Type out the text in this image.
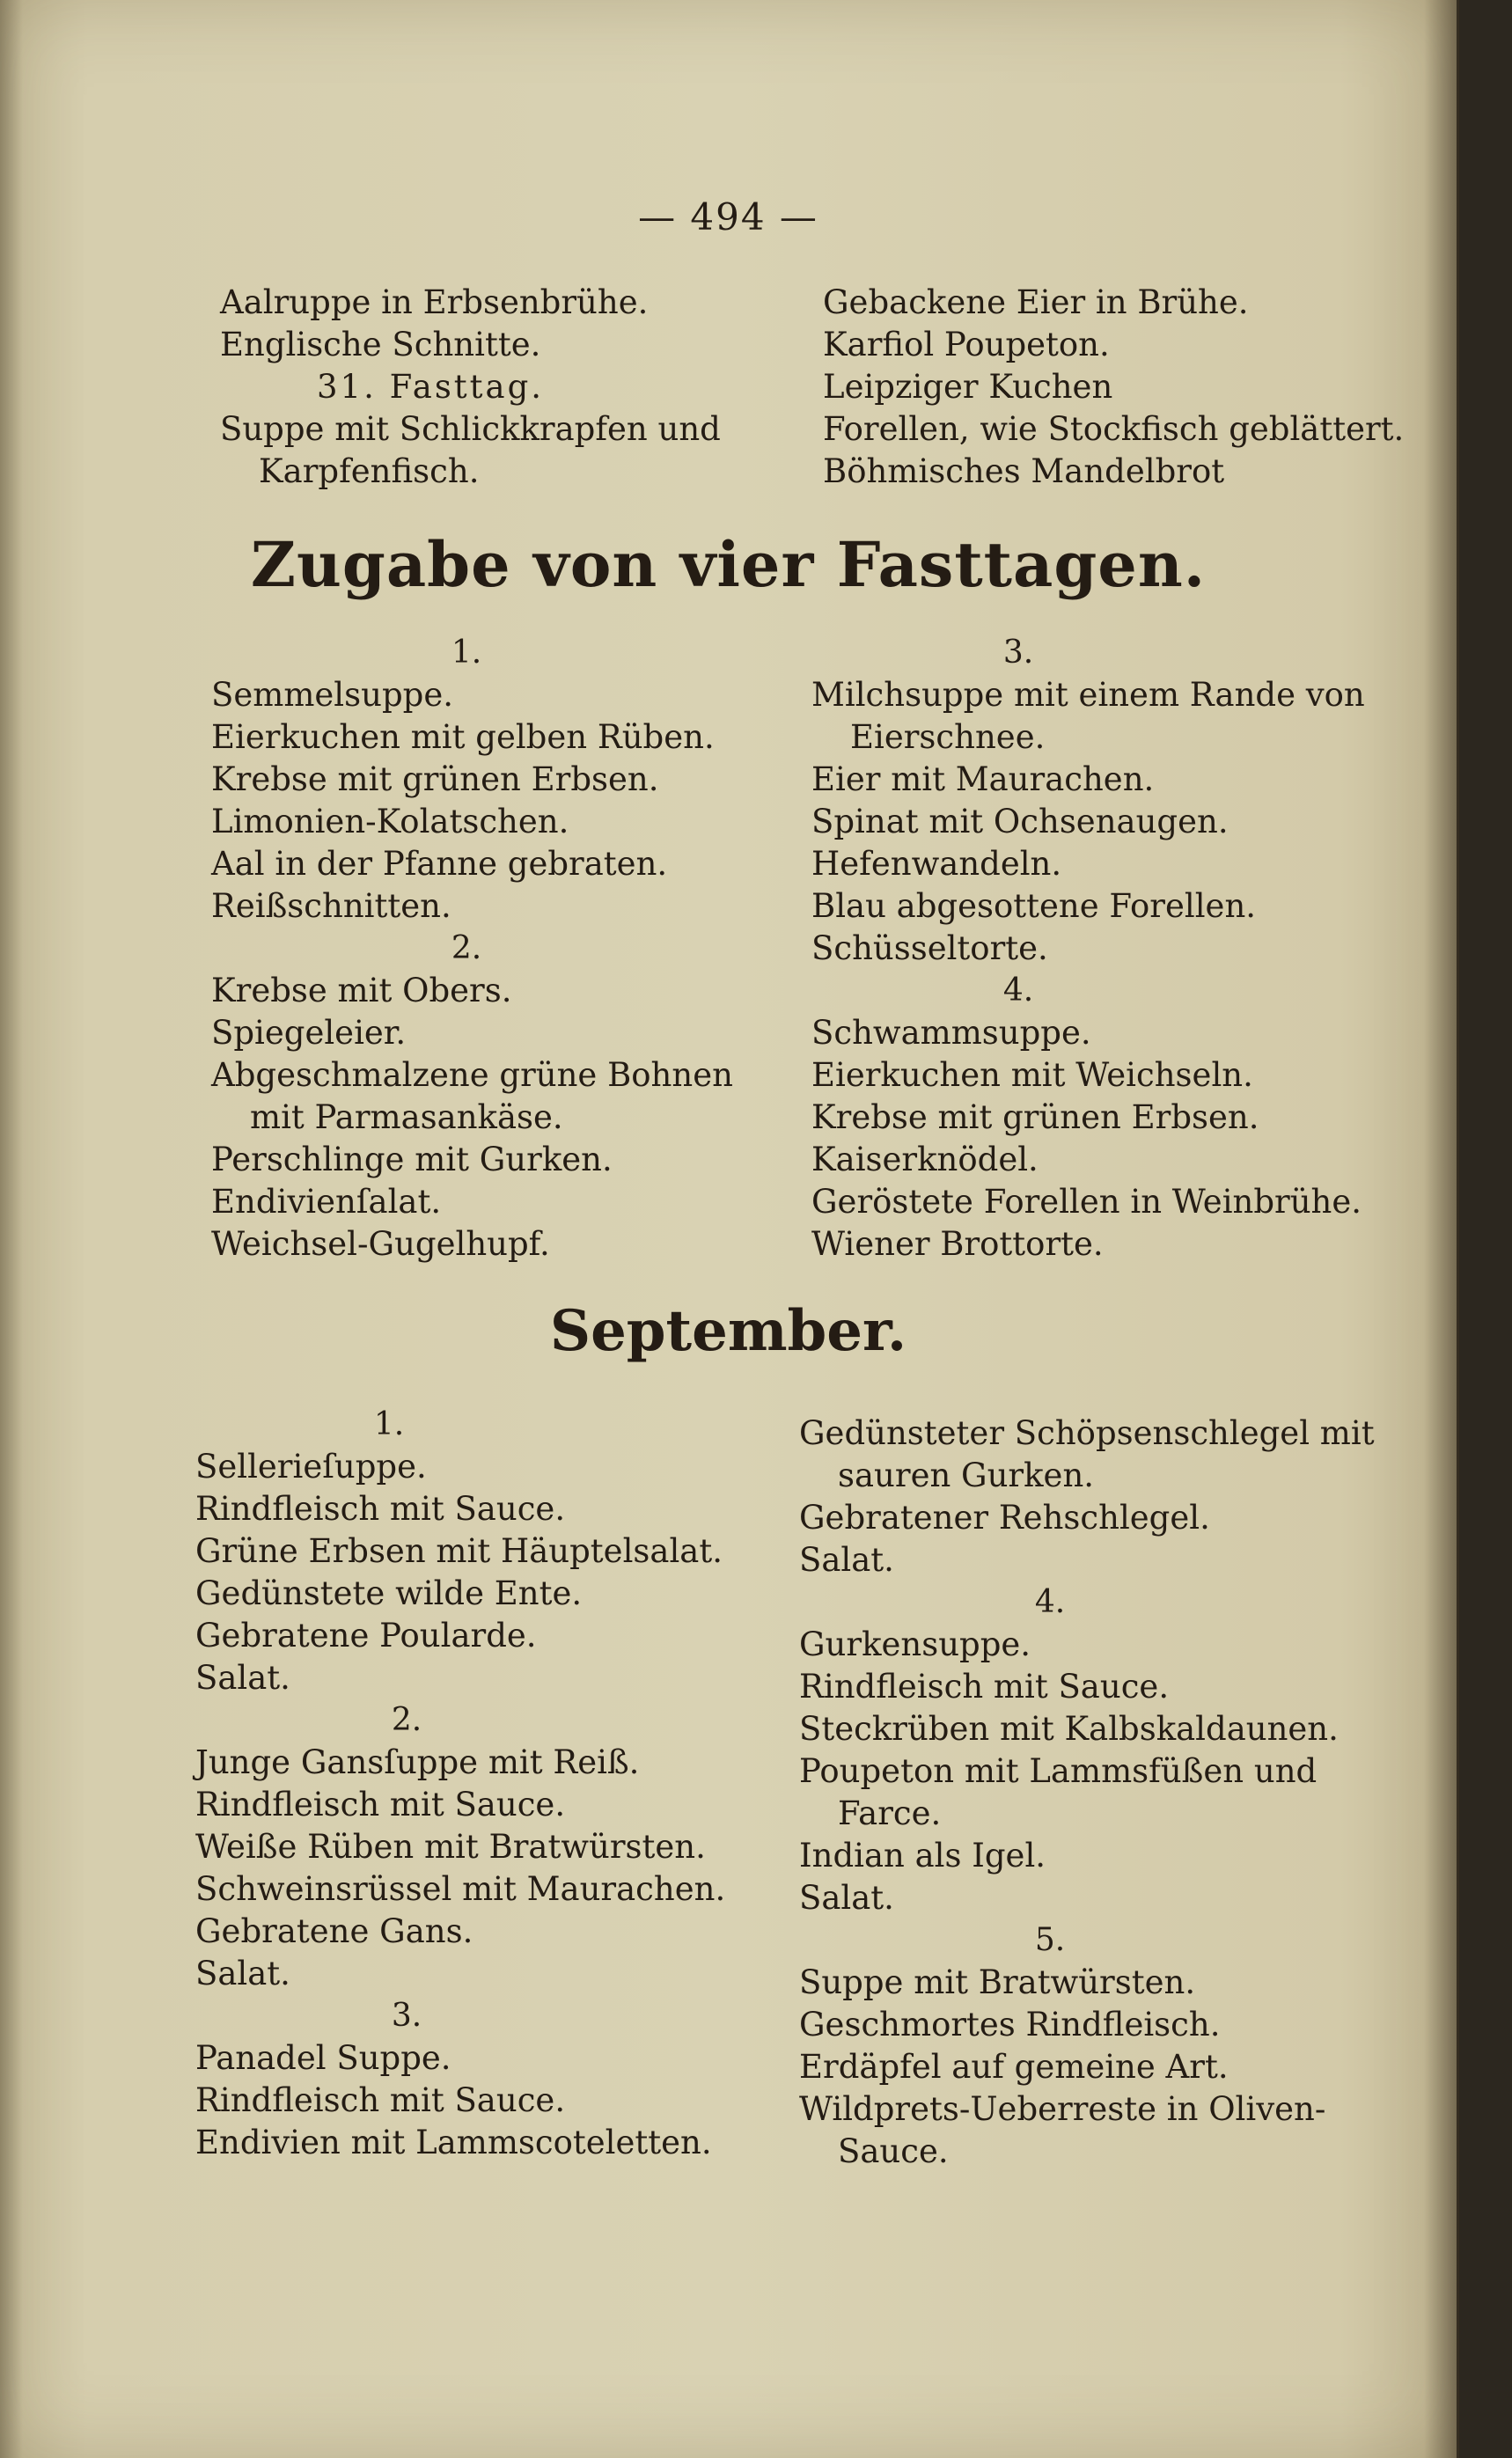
— 494 —
Aalruppe in Erbsenbrühe.
Englische Schnitte.
31. Fasttag.
Suppe mit Schlickkrapfen und
Karpfenfisch.
Gebackene Eier in Brühe.
Karfiol Poupeton.
Leipziger Kuchen
Forellen, wie Stockfisch geblättert.
Böhmisches Mandelbrot
Zugabe von vier Fasttagen.
1.
Semmelsuppe.
Eierkuchen mit gelben Rüben.
Krebse mit grünen Erbsen.
Limonien-Kolatschen.
Aal in der Pfanne gebraten.
Reißschnitten.
2.
Krebse mit Obers.
Spiegeleier.
Abgeschmalzene grüne Bohnen
mit Parmasankäse.
Perschlinge mit Gurken.
Endivienſalat.
Weichsel-Gugelhupf.
3.
Milchsuppe mit einem Rande von
Eierschnee.
Eier mit Maurachen.
Spinat mit Ochsenaugen.
Hefenwandeln.
Blau abgesottene Forellen.
Schüsseltorte.
4.
Schwammsuppe.
Eierkuchen mit Weichseln.
Krebse mit grünen Erbsen.
Kaiserknödel.
Geröstete Forellen in Weinbrühe.
Wiener Brottorte.
September.
1.
Sellerieſuppe.
Rindfleisch mit Sauce.
Grüne Erbsen mit Häuptelsalat.
Gedünstete wilde Ente.
Gebratene Poularde.
Salat.
2.
Junge Gansſuppe mit Reiß.
Rindfleisch mit Sauce.
Weiße Rüben mit Bratwürsten.
Schweinsrüssel mit Maurachen.
Gebratene Gans.
Salat.
3.
Panadel Suppe.
Rindfleisch mit Sauce.
Endivien mit Lammscoteletten.
Gedünsteter Schöpsenschlegel mit
sauren Gurken.
Gebratener Rehschlegel.
Salat.
4.
Gurkensuppe.
Rindfleisch mit Sauce.
Steckrüben mit Kalbskaldaunen.
Poupeton mit Lammsfüßen und
Farce.
Indian als Igel.
Salat.
5.
Suppe mit Bratwürsten.
Geschmortes Rindfleisch.
Erdäpfel auf gemeine Art.
Wildprets-Ueberreste in Oliven-
Sauce.
